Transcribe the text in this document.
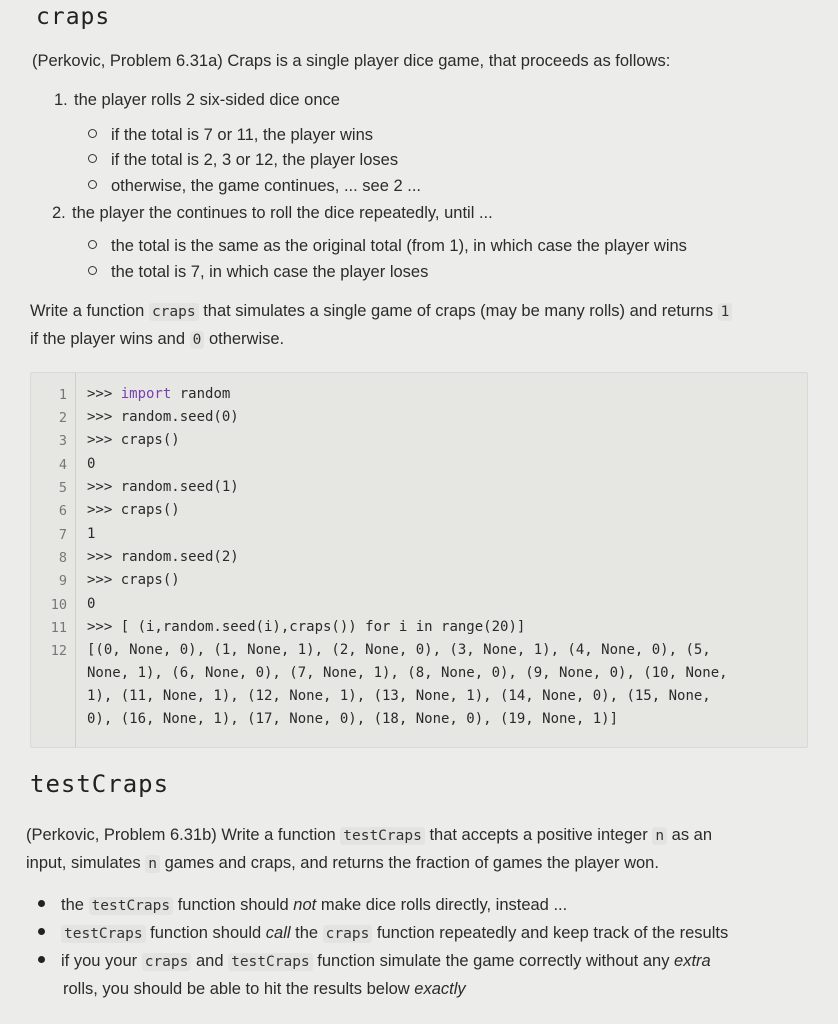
craps
(Perkovic, Problem 6.31a) Craps is a single player dice game, that proceeds as follows:
1. the player rolls 2 six-sided dice once
if the total is 7 or 11, the player wins
if the total is 2, 3 or 12, the player loses
otherwise, the game continues, ... see 2 ...
2. the player the continues to roll the dice repeatedly, until ...
the total is the same as the original total (from 1), in which case the player wins
the total is 7, in which case the player loses
Write a function craps that simulates a single game of craps (may be many rolls) and returns 1
if the player wins and 0 otherwise.
1
2
3
4
5
6
7
8
9
10
11
12
>>> import random
>>> random.seed(0)
>>> craps()
0
>>> random.seed(1)
>>> craps()
1
>>> random.seed(2)
>>> craps()
0
>>> [ (i,random.seed(i),craps()) for i in range(20)]
[(0, None, 0), (1, None, 1), (2, None, 0), (3, None, 1), (4, None, 0), (5,
None, 1), (6, None, 0), (7, None, 1), (8, None, 0), (9, None, 0), (10, None,
1), (11, None, 1), (12, None, 1), (13, None, 1), (14, None, 0), (15, None,
0), (16, None, 1), (17, None, 0), (18, None, 0), (19, None, 1)]
testCraps
(Perkovic, Problem 6.31b) Write a function testCraps that accepts a positive integer n as an
input, simulates n games and craps, and returns the fraction of games the player won.
the testCraps function should not make dice rolls directly, instead ...
testCraps function should call the craps function repeatedly and keep track of the results
if you your craps and testCraps function simulate the game correctly without any extra
rolls, you should be able to hit the results below exactly
